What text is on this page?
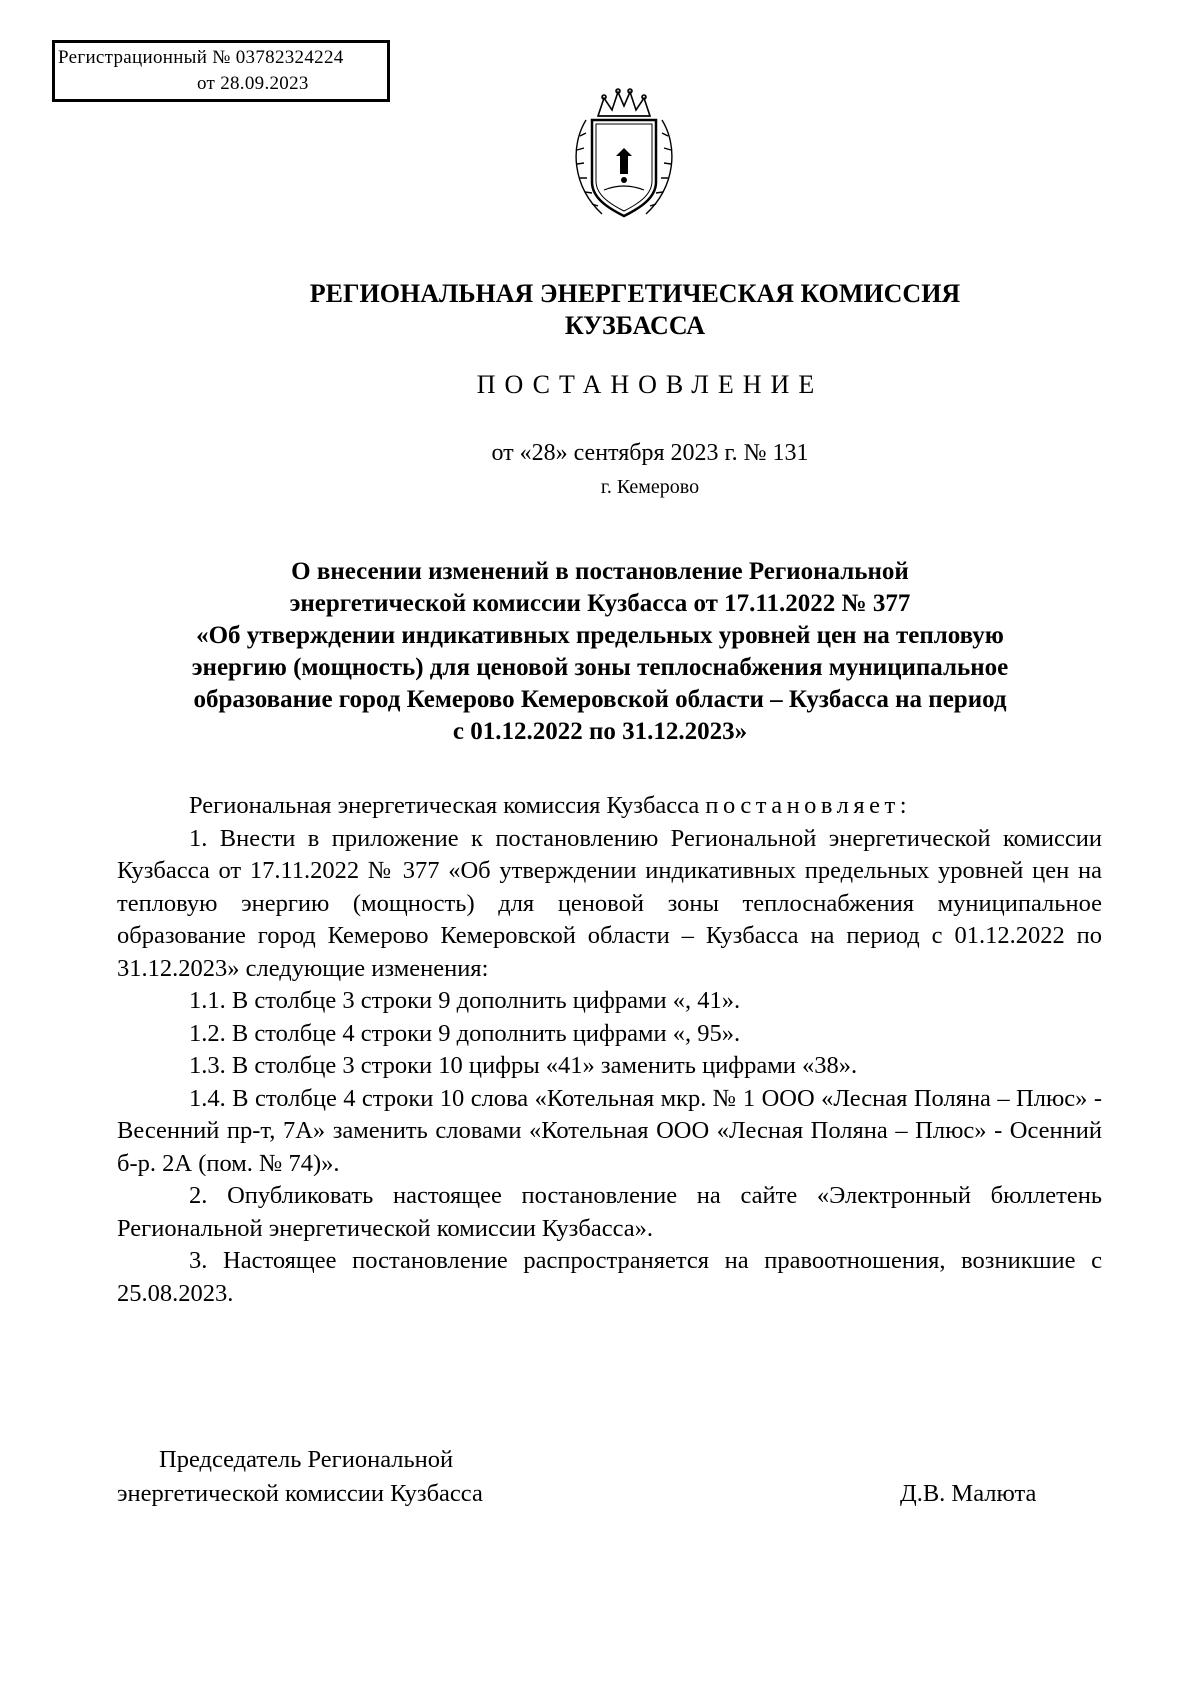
Регистрационный № 03782324224
от 28.09.2023
РЕГИОНАЛЬНАЯ ЭНЕРГЕТИЧЕСКАЯ КОМИССИЯ
КУЗБАССА
ПОСТАНОВЛЕНИЕ
от «28» сентября 2023 г. № 131
г. Кемерово
О внесении изменений в постановление Региональной
энергетической комиссии Кузбасса от 17.11.2022 № 377
«Об утверждении индикативных предельных уровней цен на тепловую
энергию (мощность) для ценовой зоны теплоснабжения муниципальное
образование город Кемерово Кемеровской области – Кузбасса на период
с 01.12.2022 по 31.12.2023»

Региональная энергетическая комиссия Кузбасса постановляет:

1. Внести в приложение к постановлению Региональной энергетической комиссии Кузбасса от 17.11.2022 № 377 «Об утверждении индикативных предельных уровней цен на тепловую энергию (мощность) для ценовой зоны теплоснабжения муниципальное образование город Кемерово Кемеровской области – Кузбасса на период с 01.12.2022 по 31.12.2023» следующие изменения:

1.1. В столбце 3 строки 9 дополнить цифрами «, 41».

1.2. В столбце 4 строки 9 дополнить цифрами «, 95».

1.3. В столбце 3 строки 10 цифры «41» заменить цифрами «38».

1.4. В столбце 4 строки 10 слова «Котельная мкр. № 1 ООО «Лесная Поляна – Плюс» - Весенний пр-т, 7А» заменить словами «Котельная ООО «Лесная Поляна – Плюс» - Осенний б-р. 2А (пом. № 74)».

2. Опубликовать настоящее постановление на сайте «Электронный бюллетень Региональной энергетической комиссии Кузбасса».

3. Настоящее постановление распространяется на правоотношения, возникшие с 25.08.2023.

Председатель Региональной
энергетической комиссии Кузбасса	Д.В. Малюта
